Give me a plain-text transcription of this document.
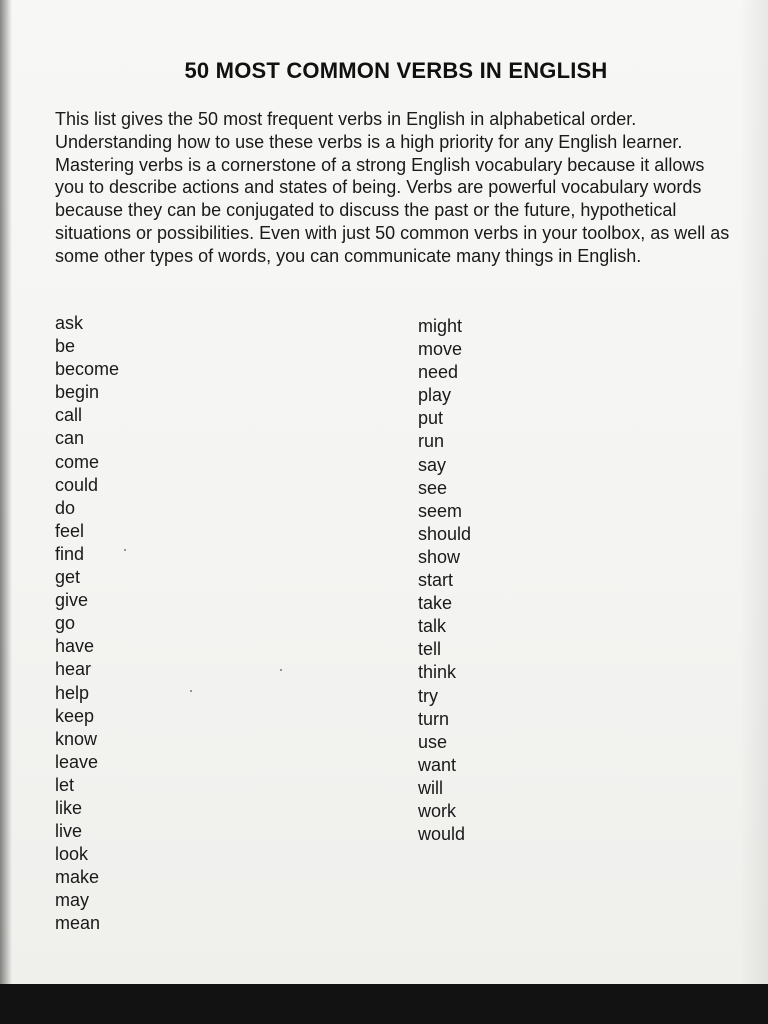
50 MOST COMMON VERBS IN ENGLISH
This list gives the 50 most frequent verbs in English in alphabetical order. Understanding how to use these verbs is a high priority for any English learner. Mastering verbs is a cornerstone of a strong English vocabulary because it allows you to describe actions and states of being. Verbs are powerful vocabulary words because they can be conjugated to discuss the past or the future, hypothetical situations or possibilities. Even with just 50 common verbs in your toolbox, as well as some other types of words, you can communicate many things in English.
ask
be
become
begin
call
can
come
could
do
feel
find
get
give
go
have
hear
help
keep
know
leave
let
like
live
look
make
may
mean
might
move
need
play
put
run
say
see
seem
should
show
start
take
talk
tell
think
try
turn
use
want
will
work
would
